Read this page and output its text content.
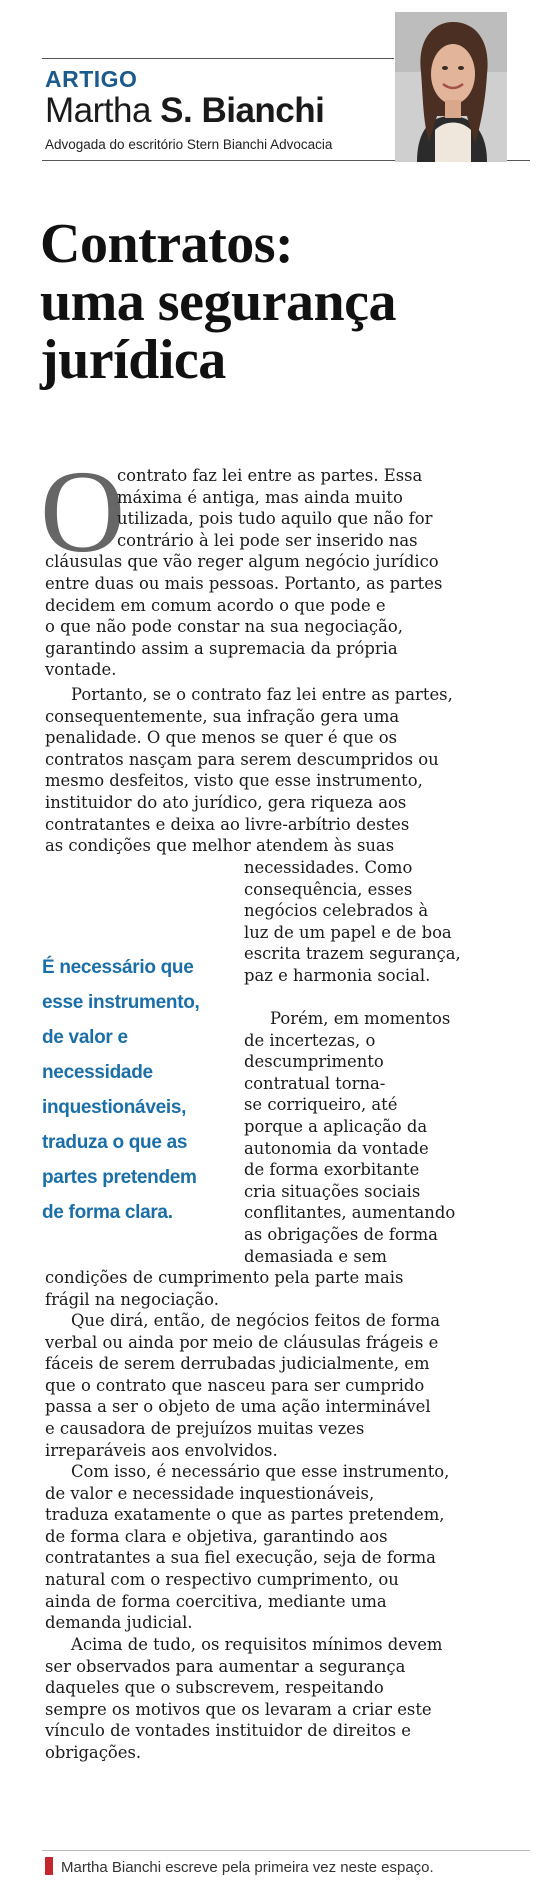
ARTIGO
Martha S. Bianchi
Advogada do escritório Stern Bianchi Advocacia
Contratos:
uma segurança
jurídica
O
contrato faz lei entre as partes. Essa
máxima é antiga, mas ainda muito
utilizada, pois tudo aquilo que não for
contrário à lei pode ser inserido nas
cláusulas que vão reger algum negócio jurídico
entre duas ou mais pessoas. Portanto, as partes
decidem em comum acordo o que pode e
o que não pode constar na sua negociação,
garantindo assim a supremacia da própria
vontade.
Portanto, se o contrato faz lei entre as partes,
consequentemente, sua infração gera uma
penalidade. O que menos se quer é que os
contratos nasçam para serem descumpridos ou
mesmo desfeitos, visto que esse instrumento,
instituidor do ato jurídico, gera riqueza aos
contratantes e deixa ao livre-arbítrio destes
as condições que melhor atendem às suas
necessidades. Como
consequência, esses
negócios celebrados à
luz de um papel e de boa
escrita trazem segurança,
paz e harmonia social.
É necessário que
esse instrumento,
de valor e
necessidade
inquestionáveis,
traduza o que as
partes pretendem
de forma clara.
Porém, em momentos
de incertezas, o
descumprimento
contratual torna-
se corriqueiro, até
porque a aplicação da
autonomia da vontade
de forma exorbitante
cria situações sociais
conflitantes, aumentando
as obrigações de forma
demasiada e sem
condições de cumprimento pela parte mais
frágil na negociação.
Que dirá, então, de negócios feitos de forma
verbal ou ainda por meio de cláusulas frágeis e
fáceis de serem derrubadas judicialmente, em
que o contrato que nasceu para ser cumprido
passa a ser o objeto de uma ação interminável
e causadora de prejuízos muitas vezes
irreparáveis aos envolvidos.
Com isso, é necessário que esse instrumento,
de valor e necessidade inquestionáveis,
traduza exatamente o que as partes pretendem,
de forma clara e objetiva, garantindo aos
contratantes a sua fiel execução, seja de forma
natural com o respectivo cumprimento, ou
ainda de forma coercitiva, mediante uma
demanda judicial.
Acima de tudo, os requisitos mínimos devem
ser observados para aumentar a segurança
daqueles que o subscrevem, respeitando
sempre os motivos que os levaram a criar este
vínculo de vontades instituidor de direitos e
obrigações.
Martha Bianchi escreve pela primeira vez neste espaço.
